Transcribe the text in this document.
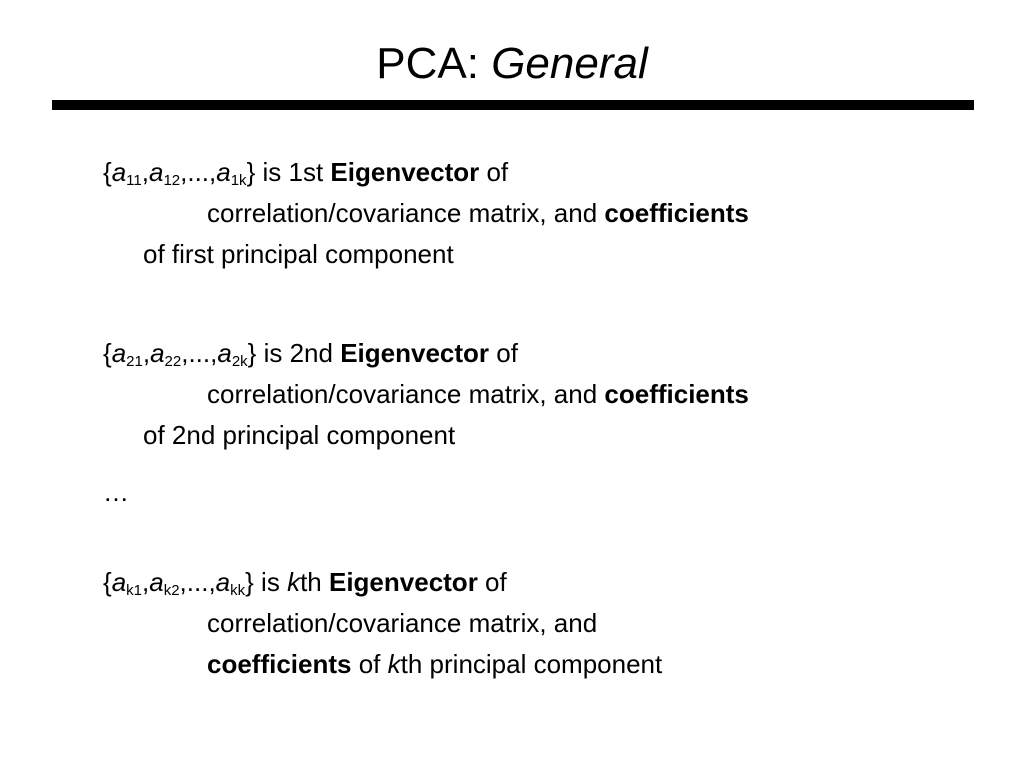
PCA: General
$\{a_{11},a_{12},...,a_{1k}\}$ is 1st Eigenvector of
correlation/covariance matrix, and coefficients
of first principal component
$\{a_{21},a_{22},...,a_{2k}\}$ is 2nd Eigenvector of
correlation/covariance matrix, and coefficients
of 2nd principal component
…
$\{a_{k1},a_{k2},...,a_{kk}\}$ is kth Eigenvector of
correlation/covariance matrix, and
coefficients of kth principal component
